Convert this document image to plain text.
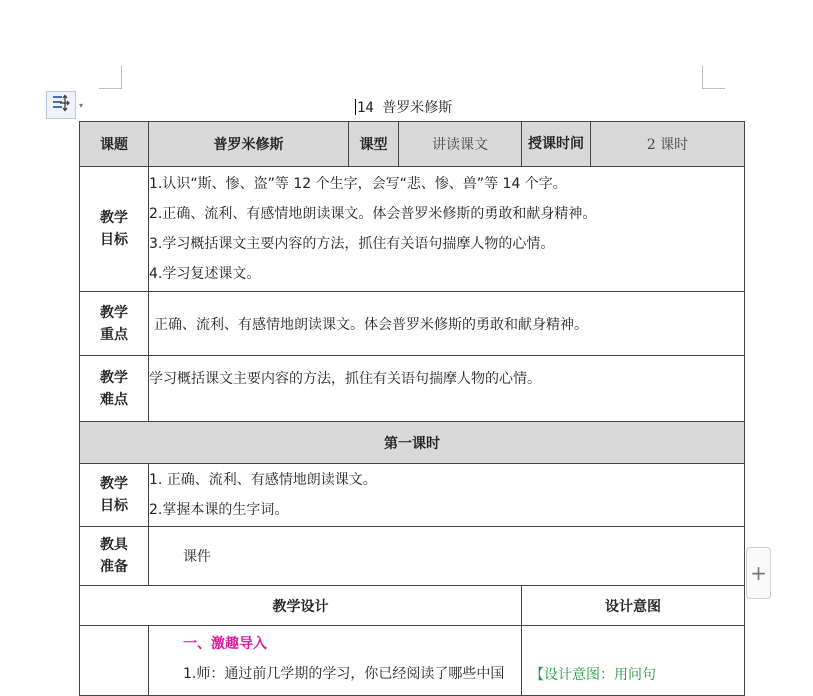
▾	14 普罗米修斯
课题	普罗米修斯	课型	讲读课文	授课时间	2 课时

教学目标	1.认识“斯、惨、盗”等 12 个生字，会写“悲、惨、兽”等 14 个字。
2.正确、流利、有感情地朗读课文。体会普罗米修斯的勇敢和献身精神。
3.学习概括课文主要内容的方法，抓住有关语句揣摩人物的心情。
4.学习复述课文。				

教学重点	正确、流利、有感情地朗读课文。体会普罗米修斯的勇敢和献身精神。				

教学难点	学习概括课文主要内容的方法，抓住有关语句揣摩人物的心情。				
第一课时					

教学目标	1. 正确、流利、有感情地朗读课文。
2.掌握本课的生字词。				

教具准备	课件				
教学设计				设计意图	

	一、激趣导入
1.师：通过前几学期的学习，你已经阅读了哪些中国			【设计意图：用问句	
+
